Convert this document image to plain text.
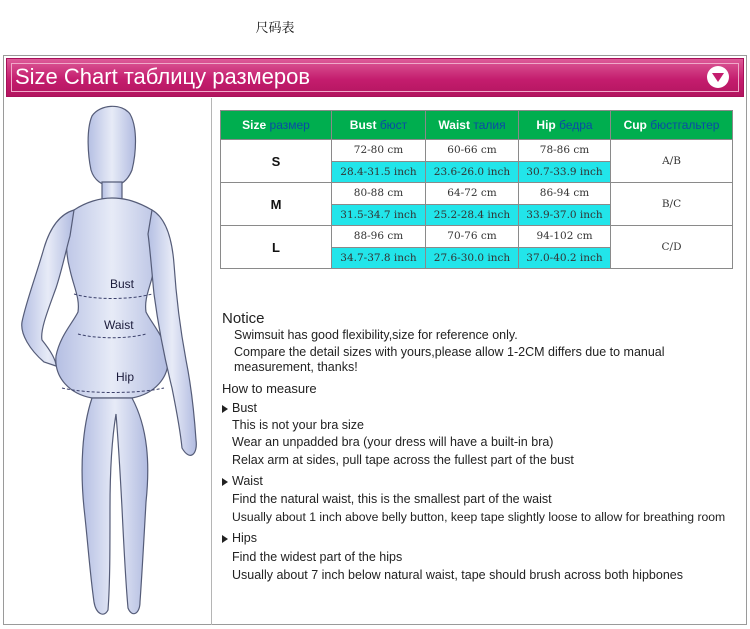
尺码表
Size Chart таблицу размеров
Bust
Waist
Hip
Size размер	Bust бюст	Waist талия	Hip бедра	Cup бюстгальтер
S	72-80 cm	60-66 cm	78-86 cm	A/B
	28.4-31.5 inch	23.6-26.0 inch	30.7-33.9 inch	
M	80-88 cm	64-72 cm	86-94 cm	B/C
	31.5-34.7 inch	25.2-28.4 inch	33.9-37.0 inch	
L	88-96 cm	70-76 cm	94-102 cm	C/D
	34.7-37.8 inch	27.6-30.0 inch	37.0-40.2 inch	
Notice
Swimsuit has good flexibility,size for reference only.
Compare the detail sizes with yours,please allow 1-2CM differs due to manual
measurement, thanks!
How to measure
Bust
This is not your bra size
Wear an unpadded bra (your dress will have a built-in bra)
Relax arm at sides, pull tape across the fullest part of the bust
Waist
Find the natural waist, this is the smallest part of the waist
Usually about 1 inch above belly button, keep tape slightly loose to allow for breathing room
Hips
Find the widest part of the hips
Usually about 7 inch below natural waist, tape should brush across both hipbones
